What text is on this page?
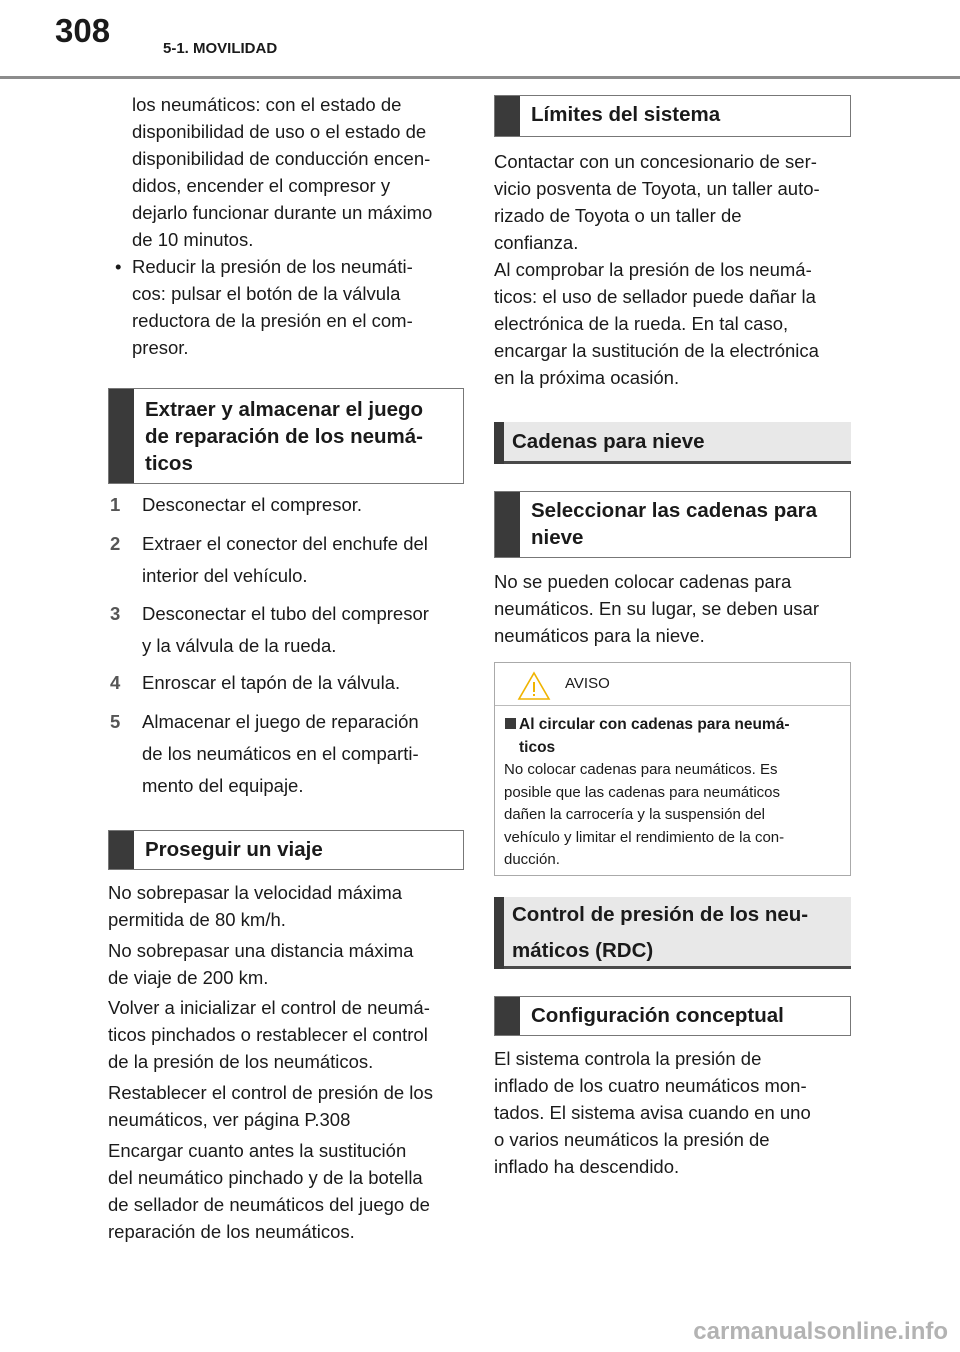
308	5-1. MOVILIDAD
los neumáticos: con el estado de
disponibilidad de uso o el estado de
disponibilidad de conducción encen-
didos, encender el compresor y
dejarlo funcionar durante un máximo
de 10 minutos.
• Reducir la presión de los neumáti-
cos: pulsar el botón de la válvula
reductora de la presión en el com-
presor.
Extraer y almacenar el juego
de reparación de los neumá-
ticos
1 Desconectar el compresor.
2 Extraer el conector del enchufe del
interior del vehículo.
3 Desconectar el tubo del compresor
y la válvula de la rueda.
4 Enroscar el tapón de la válvula.
5 Almacenar el juego de reparación
de los neumáticos en el comparti-
mento del equipaje.
Proseguir un viaje
No sobrepasar la velocidad máxima
permitida de 80 km/h.
No sobrepasar una distancia máxima
de viaje de 200 km.
Volver a inicializar el control de neumá-
ticos pinchados o restablecer el control
de la presión de los neumáticos.
Restablecer el control de presión de los
neumáticos, ver página P.308
Encargar cuanto antes la sustitución
del neumático pinchado y de la botella
de sellador de neumáticos del juego de
reparación de los neumáticos.
Límites del sistema
Contactar con un concesionario de ser-
vicio posventa de Toyota, un taller auto-
rizado de Toyota o un taller de
confianza.
Al comprobar la presión de los neumá-
ticos: el uso de sellador puede dañar la
electrónica de la rueda. En tal caso,
encargar la sustitución de la electrónica
en la próxima ocasión.
Cadenas para nieve
Seleccionar las cadenas para
nieve
No se pueden colocar cadenas para
neumáticos. En su lugar, se deben usar
neumáticos para la nieve.
AVISO
Al circular con cadenas para neumá-
ticos
No colocar cadenas para neumáticos. Es
posible que las cadenas para neumáticos
dañen la carrocería y la suspensión del
vehículo y limitar el rendimiento de la con-
ducción.
Control de presión de los neu-
máticos (RDC)
Configuración conceptual
El sistema controla la presión de
inflado de los cuatro neumáticos mon-
tados. El sistema avisa cuando en uno
o varios neumáticos la presión de
inflado ha descendido.
carmanualsonline.info
